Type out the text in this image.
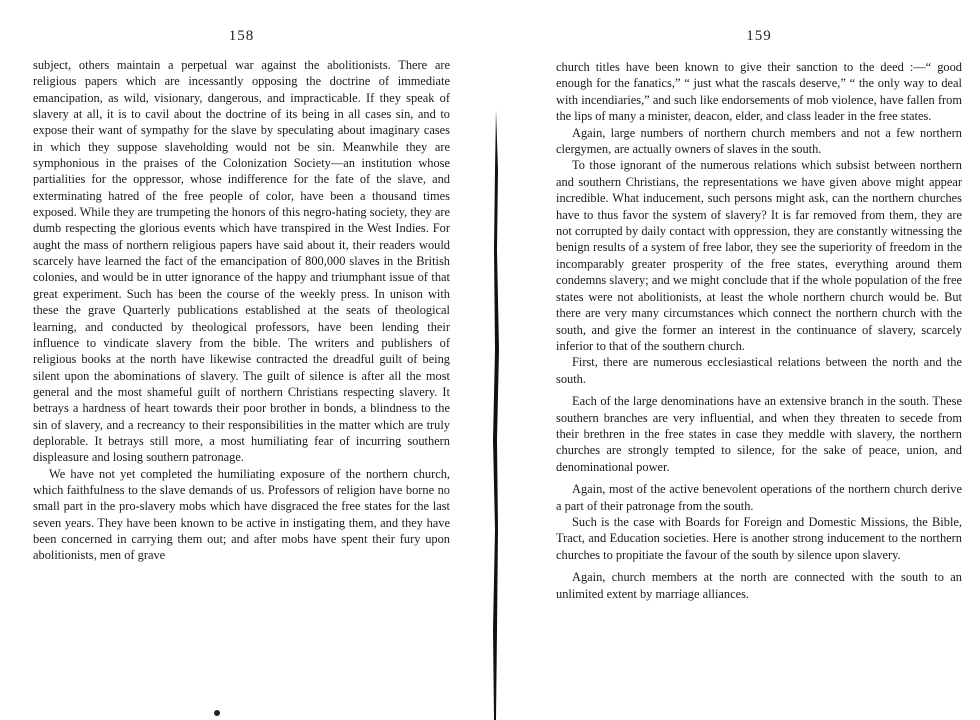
158

subject, others maintain a perpetual war against the abolitionists. There are religious papers which are incessantly opposing the doctrine of immediate emancipation, as wild, visionary, dangerous, and impracticable. If they speak of slavery at all, it is to cavil about the doctrine of its being in all cases sin, and to expose their want of sympathy for the slave by speculating about imaginary cases in which they suppose slaveholding would not be sin. Meanwhile they are symphonious in the praises of the Colonization Society—an institution whose partialities for the oppressor, whose indifference for the fate of the slave, and exterminating hatred of the free people of color, have been a thousand times exposed. While they are trumpeting the honors of this negro-hating society, they are dumb respecting the glorious events which have transpired in the West Indies. For aught the mass of northern religious papers have said about it, their readers would scarcely have learned the fact of the emancipation of 800,000 slaves in the British colonies, and would be in utter ignorance of the happy and triumphant issue of that great experiment. Such has been the course of the weekly press. In unison with these the grave Quarterly publications established at the seats of theological learning, and conducted by theological professors, have been lending their influence to vindicate slavery from the bible. The writers and publishers of religious books at the north have likewise contracted the dreadful guilt of being silent upon the abominations of slavery. The guilt of silence is after all the most general and the most shameful guilt of northern Christians respecting slavery. It betrays a hardness of heart towards their poor brother in bonds, a blindness to the sin of slavery, and a recreancy to their responsibilities in the matter which are truly deplorable. It betrays still more, a most humiliating fear of incurring southern displeasure and losing southern patronage.

We have not yet completed the humiliating exposure of the northern church, which faithfulness to the slave demands of us. Professors of religion have borne no small part in the pro-slavery mobs which have disgraced the free states for the last seven years. They have been known to be active in instigating them, and they have been concerned in carrying them out; and after mobs have spent their fury upon abolitionists, men of grave

159

church titles have been known to give their sanction to the deed :—“ good enough for the fanatics,” “ just what the rascals deserve,” “ the only way to deal with incendiaries,” and such like endorsements of mob violence, have fallen from the lips of many a minister, deacon, elder, and class leader in the free states.

Again, large numbers of northern church members and not a few northern clergymen, are actually owners of slaves in the south.

To those ignorant of the numerous relations which subsist between northern and southern Christians, the representations we have given above might appear incredible. What inducement, such persons might ask, can the northern churches have to thus favor the system of slavery? It is far removed from them, they are not corrupted by daily contact with oppression, they are constantly witnessing the benign results of a system of free labor, they see the superiority of freedom in the incomparably greater prosperity of the free states, everything around them condemns slavery; and we might conclude that if the whole population of the free states were not abolitionists, at least the whole northern church would be. But there are very many circumstances which connect the northern church with the south, and give the former an interest in the continuance of slavery, scarcely inferior to that of the southern church.

First, there are numerous ecclesiastical relations between the north and the south.

Each of the large denominations have an extensive branch in the south. These southern branches are very influential, and when they threaten to secede from their brethren in the free states in case they meddle with slavery, the northern churches are strongly tempted to silence, for the sake of peace, union, and denominational power.

Again, most of the active benevolent operations of the northern church derive a part of their patronage from the south.

Such is the case with Boards for Foreign and Domestic Missions, the Bible, Tract, and Education societies. Here is another strong inducement to the northern churches to propitiate the favour of the south by silence upon slavery.

Again, church members at the north are connected with the south to an unlimited extent by marriage alliances.
